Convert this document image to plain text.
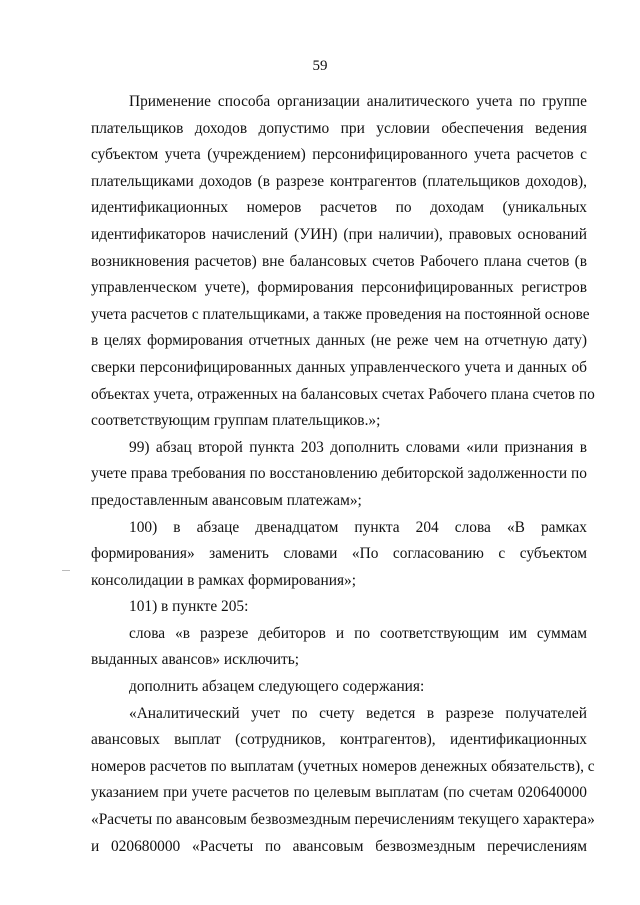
59
Применение способа организации аналитического учета по группе
плательщиков доходов допустимо при условии обеспечения ведения
субъектом учета (учреждением) персонифицированного учета расчетов с
плательщиками доходов (в разрезе контрагентов (плательщиков доходов),
идентификационных номеров расчетов по доходам (уникальных
идентификаторов начислений (УИН) (при наличии), правовых оснований
возникновения расчетов) вне балансовых счетов Рабочего плана счетов (в
управленческом учете), формирования персонифицированных регистров
учета расчетов с плательщиками, а также проведения на постоянной основе
в целях формирования отчетных данных (не реже чем на отчетную дату)
сверки персонифицированных данных управленческого учета и данных об
объектах учета, отраженных на балансовых счетах Рабочего плана счетов по
соответствующим группам плательщиков.»;
99) абзац второй пункта 203 дополнить словами «или признания в
учете права требования по восстановлению дебиторской задолженности по
предоставленным авансовым платежам»;
100) в абзаце двенадцатом пункта 204 слова «В рамках
формирования» заменить словами «По согласованию с субъектом
консолидации в рамках формирования»;
101) в пункте 205:
слова «в разрезе дебиторов и по соответствующим им суммам
выданных авансов» исключить;
дополнить абзацем следующего содержания:
«Аналитический учет по счету ведется в разрезе получателей
авансовых выплат (сотрудников, контрагентов), идентификационных
номеров расчетов по выплатам (учетных номеров денежных обязательств), с
указанием при учете расчетов по целевым выплатам (по счетам 020640000
«Расчеты по авансовым безвозмездным перечислениям текущего характера»
и 020680000 «Расчеты по авансовым безвозмездным перечислениям
